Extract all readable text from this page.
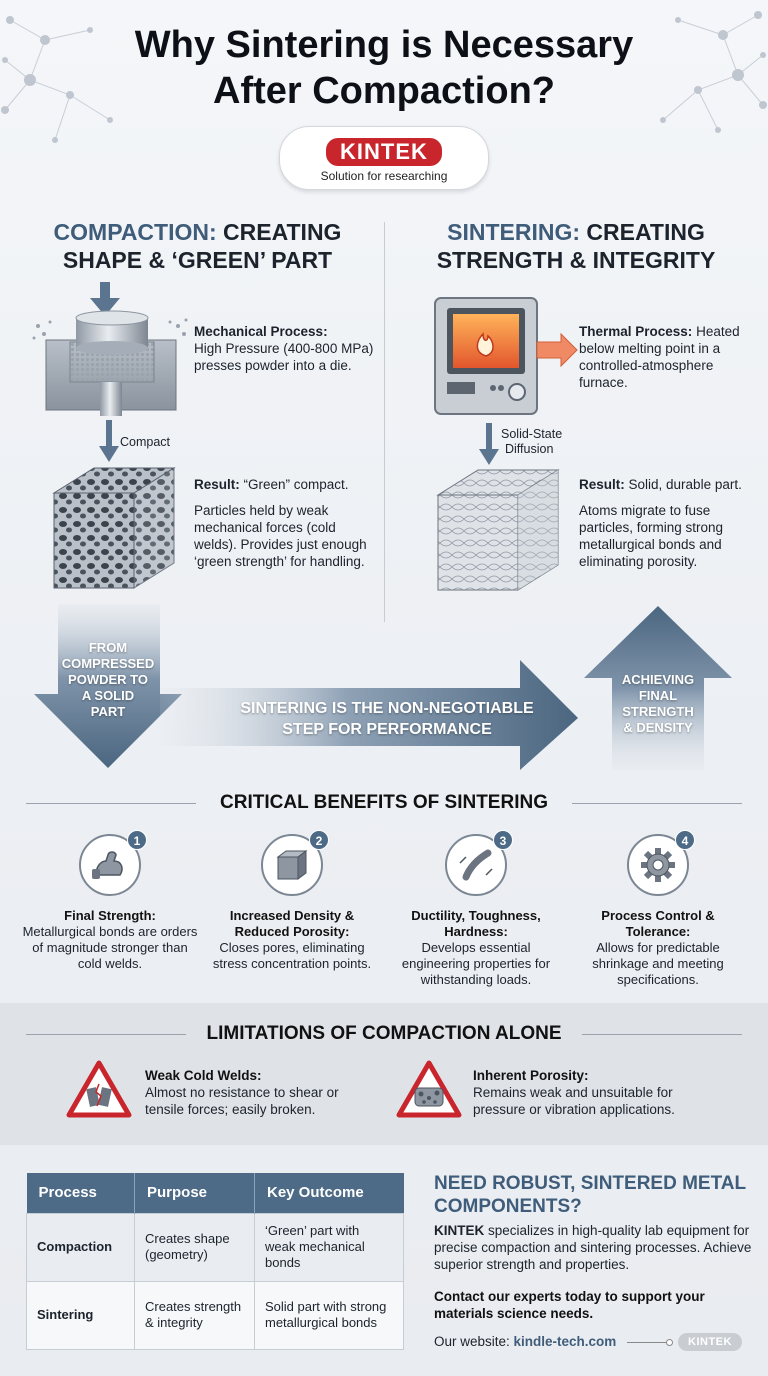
Why Sintering is Necessary
After Compaction?
KINTEK
Solution for researching
COMPACTION: CREATING
SHAPE & ‘GREEN’ PART
Mechanical Process:
High Pressure (400-800 MPa) presses powder into a die.
Compact
Result: “Green” compact.
Particles held by weak mechanical forces (cold welds). Provides just enough ‘green strength’ for handling.
SINTERING: CREATING
STRENGTH & INTEGRITY
Thermal Process: Heated below melting point in a controlled-atmosphere furnace.
Solid-State
Diffusion
Result: Solid, durable part.
Atoms migrate to fuse particles, forming strong metallurgical bonds and eliminating porosity.
FROM
COMPRESSED
POWDER TO
A SOLID
PART	SINTERING IS THE NON-NEGOTIABLE
STEP FOR PERFORMANCE
ACHIEVING
FINAL
STRENGTH
& DENSITY
CRITICAL BENEFITS OF SINTERING
1
Final Strength:
Metallurgical bonds are orders of magnitude stronger than cold welds.
2
Increased Density & Reduced Porosity:
Closes pores, eliminating stress concentration points.
3
Ductility, Toughness, Hardness:
Develops essential engineering properties for withstanding loads.
4
Process Control & Tolerance:
Allows for predictable shrinkage and meeting specifications.
LIMITATIONS OF COMPACTION ALONE
Weak Cold Welds:
Almost no resistance to shear or tensile forces; easily broken.
Inherent Porosity:
Remains weak and unsuitable for pressure or vibration applications.
Process	Purpose	Key Outcome
Compaction	Creates shape (geometry)	‘Green’ part with weak mechanical bonds
Sintering	Creates strength & integrity	Solid part with strong metallurgical bonds
NEED ROBUST, SINTERED METAL COMPONENTS?
KINTEK specializes in high-quality lab equipment for precise compaction and sintering processes. Achieve superior strength and properties.
Contact our experts today to support your materials science needs.
Our website: kindle-tech.com	KINTEK
